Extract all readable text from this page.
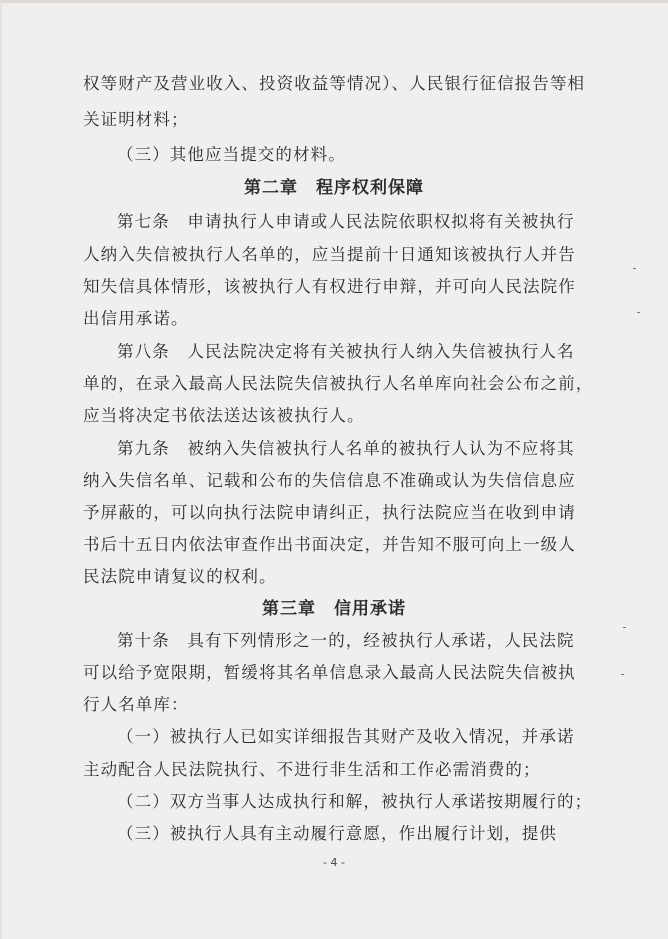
权等财产及营业收入、投资收益等情况）、人民银行征信报告等相
关证明材料；
（三）其他应当提交的材料。
第二章　程序权利保障
第七条　申请执行人申请或人民法院依职权拟将有关被执行
人纳入失信被执行人名单的，应当提前十日通知该被执行人并告
知失信具体情形，该被执行人有权进行申辩，并可向人民法院作
出信用承诺。
第八条　人民法院决定将有关被执行人纳入失信被执行人名
单的，在录入最高人民法院失信被执行人名单库向社会公布之前，
应当将决定书依法送达该被执行人。
第九条　被纳入失信被执行人名单的被执行人认为不应将其
纳入失信名单、记载和公布的失信信息不准确或认为失信信息应
予屏蔽的，可以向执行法院申请纠正，执行法院应当在收到申请
书后十五日内依法审查作出书面决定，并告知不服可向上一级人
民法院申请复议的权利。
第三章　信用承诺
第十条　具有下列情形之一的，经被执行人承诺，人民法院
可以给予宽限期，暂缓将其名单信息录入最高人民法院失信被执
行人名单库：
（一）被执行人已如实详细报告其财产及收入情况，并承诺
主动配合人民法院执行、不进行非生活和工作必需消费的；
（二）双方当事人达成执行和解，被执行人承诺按期履行的；
（三）被执行人具有主动履行意愿，作出履行计划，提供
- 4 -
